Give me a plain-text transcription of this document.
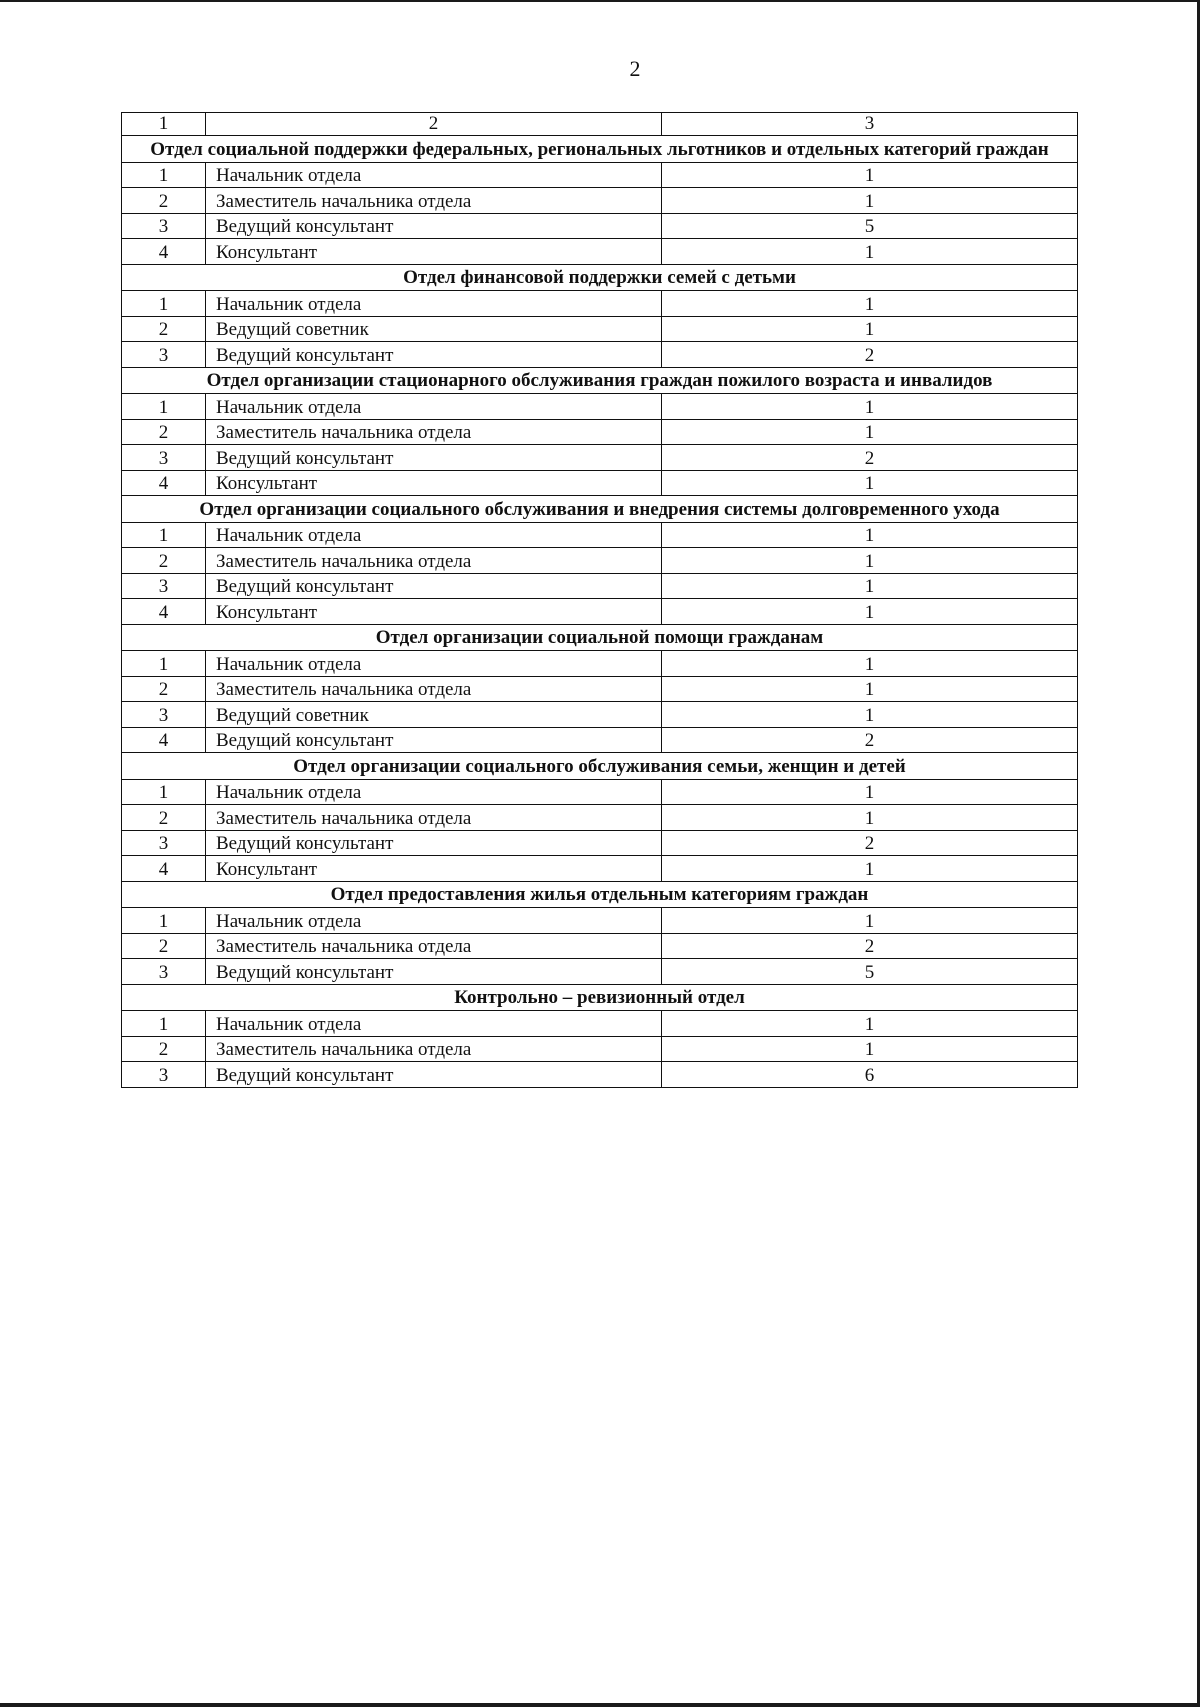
2
1	2	3
Отдел социальной поддержки федеральных, региональных льготников и отдельных категорий граждан		
1	Начальник отдела	1
2	Заместитель начальника отдела	1
3	Ведущий консультант	5
4	Консультант	1
Отдел финансовой поддержки семей с детьми		
1	Начальник отдела	1
2	Ведущий советник	1
3	Ведущий консультант	2
Отдел организации стационарного обслуживания граждан пожилого возраста и инвалидов		
1	Начальник отдела	1
2	Заместитель начальника отдела	1
3	Ведущий консультант	2
4	Консультант	1
Отдел организации социального обслуживания и внедрения системы долговременного ухода		
1	Начальник отдела	1
2	Заместитель начальника отдела	1
3	Ведущий консультант	1
4	Консультант	1
Отдел организации социальной помощи гражданам		
1	Начальник отдела	1
2	Заместитель начальника отдела	1
3	Ведущий советник	1
4	Ведущий консультант	2
Отдел организации социального обслуживания семьи, женщин и детей		
1	Начальник отдела	1
2	Заместитель начальника отдела	1
3	Ведущий консультант	2
4	Консультант	1
Отдел предоставления жилья отдельным категориям граждан		
1	Начальник отдела	1
2	Заместитель начальника отдела	2
3	Ведущий консультант	5
Контрольно – ревизионный отдел		
1	Начальник отдела	1
2	Заместитель начальника отдела	1
3	Ведущий консультант	6
